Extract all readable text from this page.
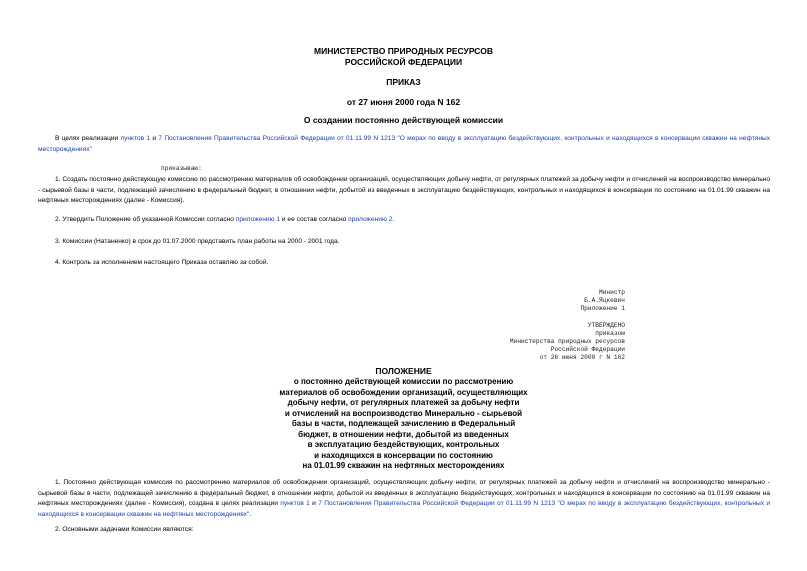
МИНИСТЕРСТВО ПРИРОДНЫХ РЕСУРСОВ
РОССИЙСКОЙ ФЕДЕРАЦИИ
ПРИКАЗ
от 27 июня 2000 года N 162
О создании постоянно действующей комиссии
В целях реализации пунктов 1 и 7 Постановления Правительства Российской Федерации от 01.11.99 N 1213 "О мерах по вводу в эксплуатацию бездействующих, контрольных и находящихся в консервации скважин на нефтяных месторождениях"
приказываю:
1. Создать постоянно действующую комиссию по рассмотрению материалов об освобождении организаций, осуществляющих добычу нефти, от регулярных платежей за добычу нефти и отчислений на воспроизводство минерально - сырьевой базы в части, подлежащей зачислению в федеральный бюджет, в отношении нефти, добытой из введенных в эксплуатацию бездействующих, контрольных и находящихся в консервации по состоянию на 01.01.99 скважин на нефтяных месторождениях (далее - Комиссия).
2. Утвердить Положение об указанной Комиссии согласно приложению 1 и ее состав согласно приложению 2.
3. Комиссии (Натаненко) в срок до 01.07.2000 представить план работы на 2000 - 2001 года.
4. Контроль за исполнением настоящего Приказа оставляю за собой.
Министр
Б.А.Яцкевич
Приложение 1
УТВЕРЖДЕНО
приказом
Министерства природных ресурсов
Российской Федерации
от 26 июня 2000 г N 162
ПОЛОЖЕНИЕ
о постоянно действующей комиссии по рассмотрению
материалов об освобождении организаций, осуществляющих
добычу нефти, от регулярных платежей за добычу нефти
и отчислений на воспроизводство Минерально - сырьевой
базы в части, подлежащей зачислению в Федеральный
бюджет, в отношении нефти, добытой из введенных
в эксплуатацию бездействующих, контрольных
и находящихся в консервации по состоянию
на 01.01.99 скважин на нефтяных месторождениях
1. Постоянно действующая комиссия по рассмотрению материалов об освобождении организаций, осуществляющих добычу нефти, от регулярных платежей за добычу нефти и отчислений на воспроизводство минерально - сырьевой базы в части, подлежащей зачислению в федеральный бюджет, в отношении нефти, добытой из введенных в эксплуатацию бездействующих, контрольных и находящихся в консервации по состоянию на 01.01.99 скважин на нефтяных месторождениях (далее - Комиссия), создана в целях реализации пунктов 1 и 7 Постановления Правительства Российской Федерации от 01.11.99 N 1213 "О мерах по вводу в эксплуатацию бездействующих, контрольных и находящихся в консервации скважин на нефтяных месторождениях".
2. Основными задачами Комиссии являются:
